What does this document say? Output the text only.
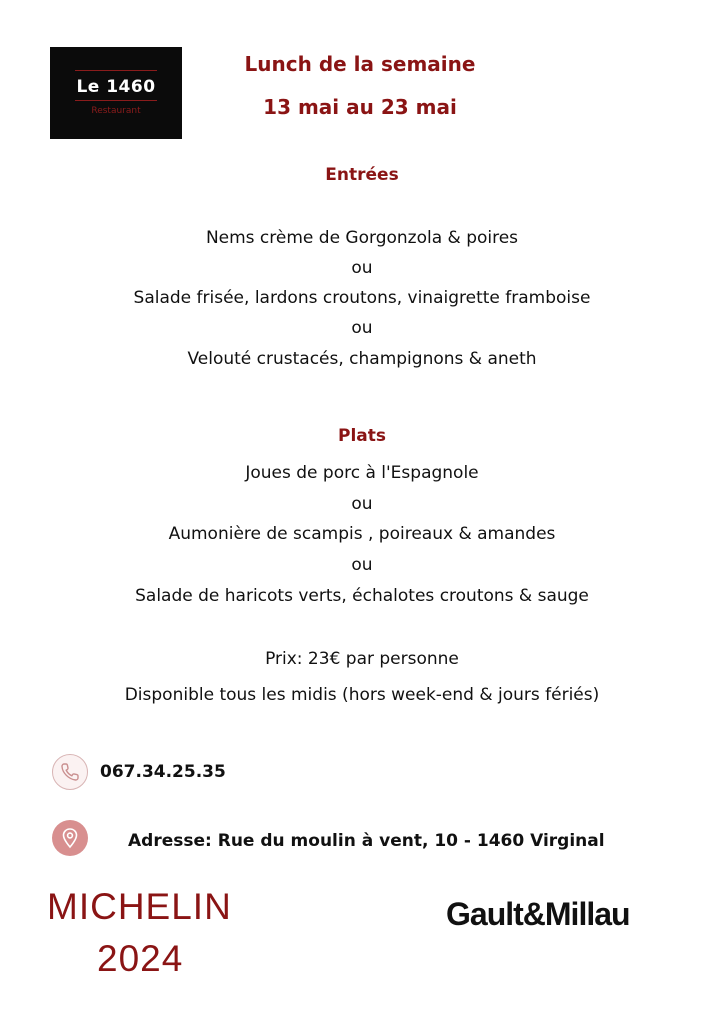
Le 1460
Restaurant
Lunch de la semaine
13 mai au 23 mai
Entrées
Nems crème de Gorgonzola & poires
ou
Salade frisée, lardons croutons, vinaigrette framboise
ou
Velouté crustacés, champignons & aneth
Plats
Joues de porc à l'Espagnole
ou
Aumonière de scampis , poireaux & amandes
ou
Salade de haricots verts, échalotes croutons & sauge
Prix: 23€ par personne
Disponible tous les midis (hors week-end & jours fériés)
067.34.25.35
Adresse: Rue du moulin à vent, 10 - 1460 Virginal
MICHELIN
2024
Gault&Millau
